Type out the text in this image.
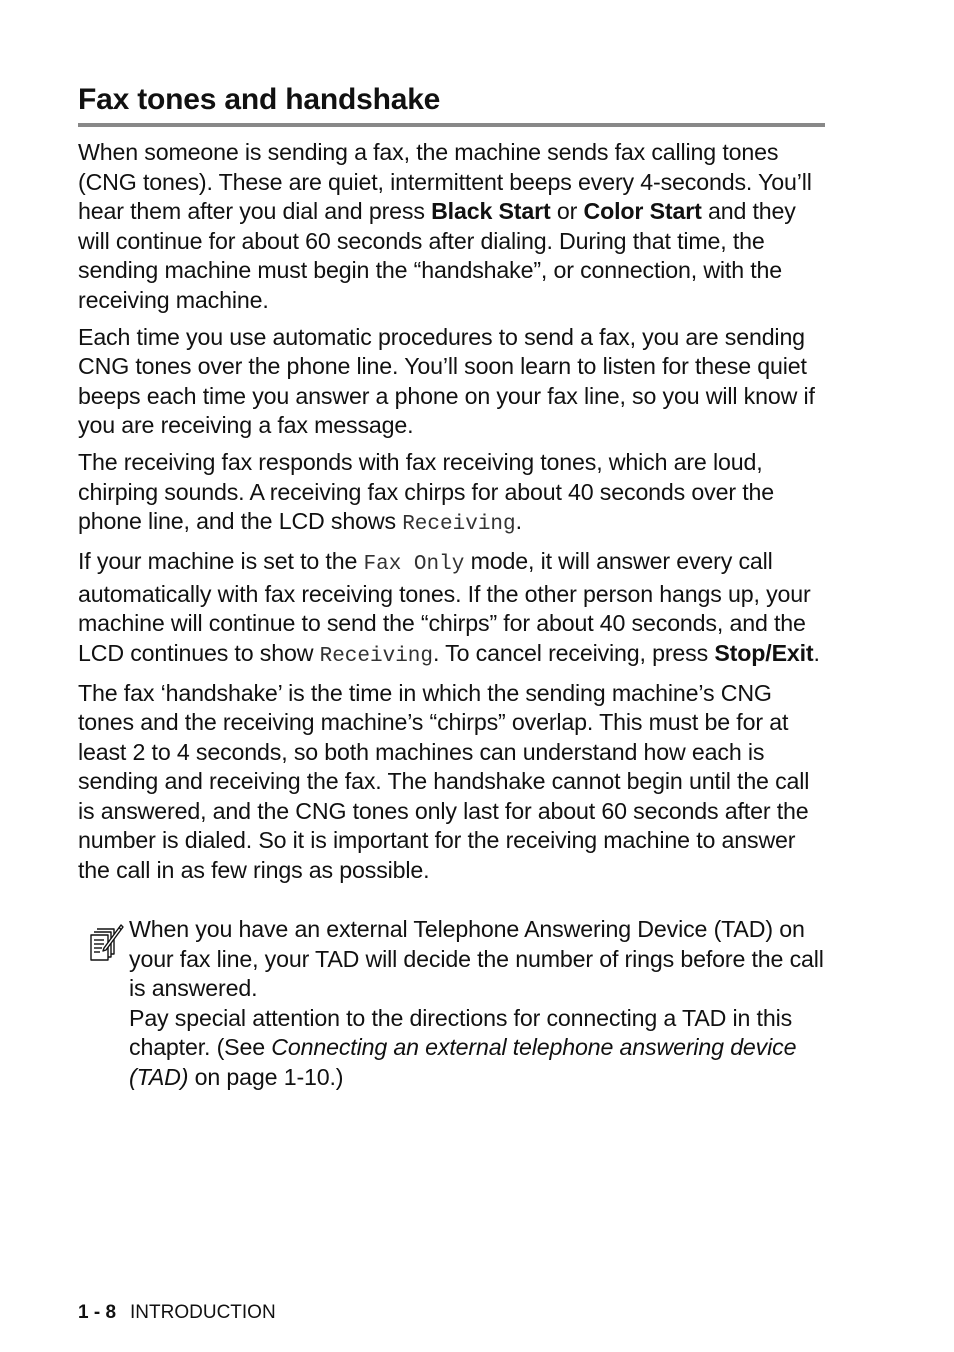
Fax tones and handshake

When someone is sending a fax, the machine sends fax calling tones (CNG tones). These are quiet, intermittent beeps every 4-seconds. You’ll hear them after you dial and press Black Start or Color Start and they will continue for about 60 seconds after dialing. During that time, the sending machine must begin the “handshake”, or connection, with the receiving machine.

Each time you use automatic procedures to send a fax, you are sending CNG tones over the phone line. You’ll soon learn to listen for these quiet beeps each time you answer a phone on your fax line, so you will know if you are receiving a fax message.

The receiving fax responds with fax receiving tones, which are loud, chirping sounds. A receiving fax chirps for about 40 seconds over the phone line, and the LCD shows Receiving.

If your machine is set to the Fax Only mode, it will answer every call automatically with fax receiving tones. If the other person hangs up, your machine will continue to send the “chirps” for about 40 seconds, and the LCD continues to show Receiving. To cancel receiving, press Stop/Exit.

The fax ‘handshake’ is the time in which the sending machine’s CNG tones and the receiving machine’s “chirps” overlap. This must be for at least 2 to 4 seconds, so both machines can understand how each is sending and receiving the fax. The handshake cannot begin until the call is answered, and the CNG tones only last for about 60 seconds after the number is dialed. So it is important for the receiving machine to answer the call in as few rings as possible.

When you have an external Telephone Answering Device (TAD) on your fax line, your TAD will decide the number of rings before the call is answered.

Pay special attention to the directions for connecting a TAD in this chapter. (See Connecting an external telephone answering device (TAD) on page 1-10.)

1 - 8 INTRODUCTION
